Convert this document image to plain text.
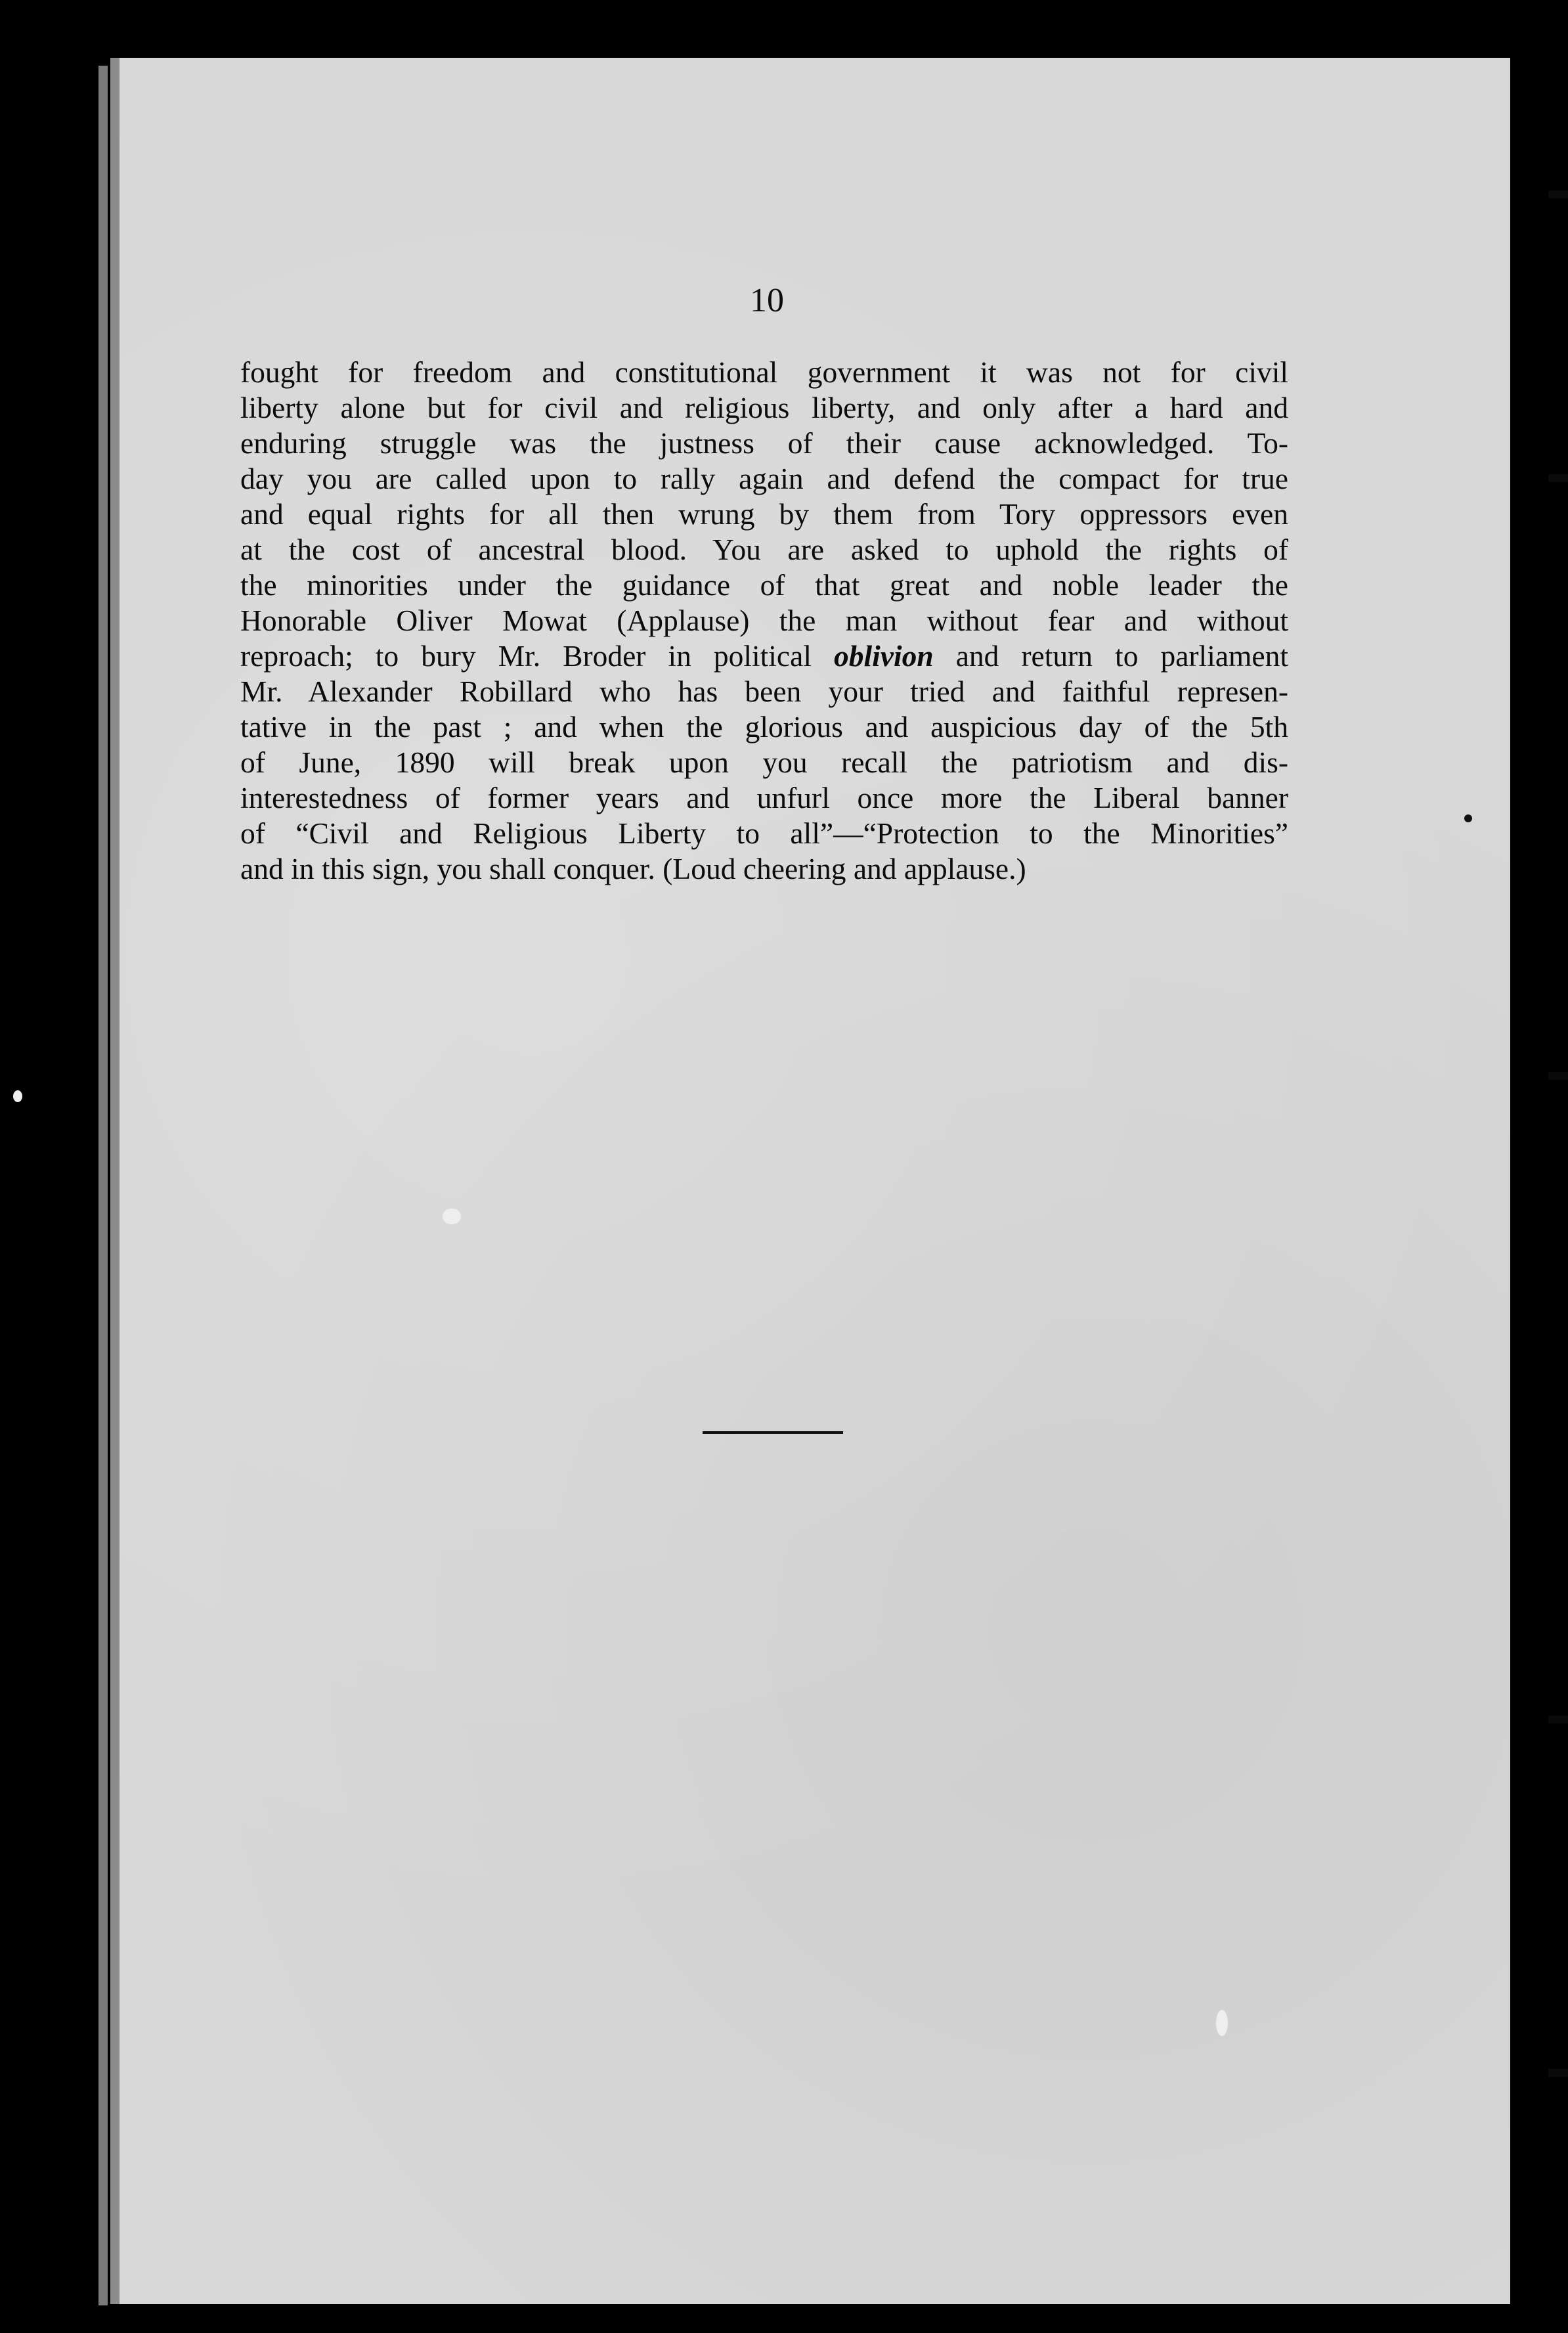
10

fought for freedom and constitutional government it was not for civil
liberty alone but for civil and religious liberty, and only after a hard and
enduring struggle was the justness of their cause acknowledged. To-
day you are called upon to rally again and defend the compact for true
and equal rights for all then wrung by them from Tory oppressors even
at the cost of ancestral blood. You are asked to uphold the rights of
the minorities under the guidance of that great and noble leader the
Honorable Oliver Mowat (Applause) the man without fear and without
reproach; to bury Mr. Broder in political oblivion and return to parliament
Mr. Alexander Robillard who has been your tried and faithful represen-
tative in the past ; and when the glorious and auspicious day of the 5th
of June, 1890 will break upon you recall the patriotism and dis-
interestedness of former years and unfurl once more the Liberal banner
of “Civil and Religious Liberty to all”—“Protection to the Minorities”
and in this sign, you shall conquer. (Loud cheering and applause.)
